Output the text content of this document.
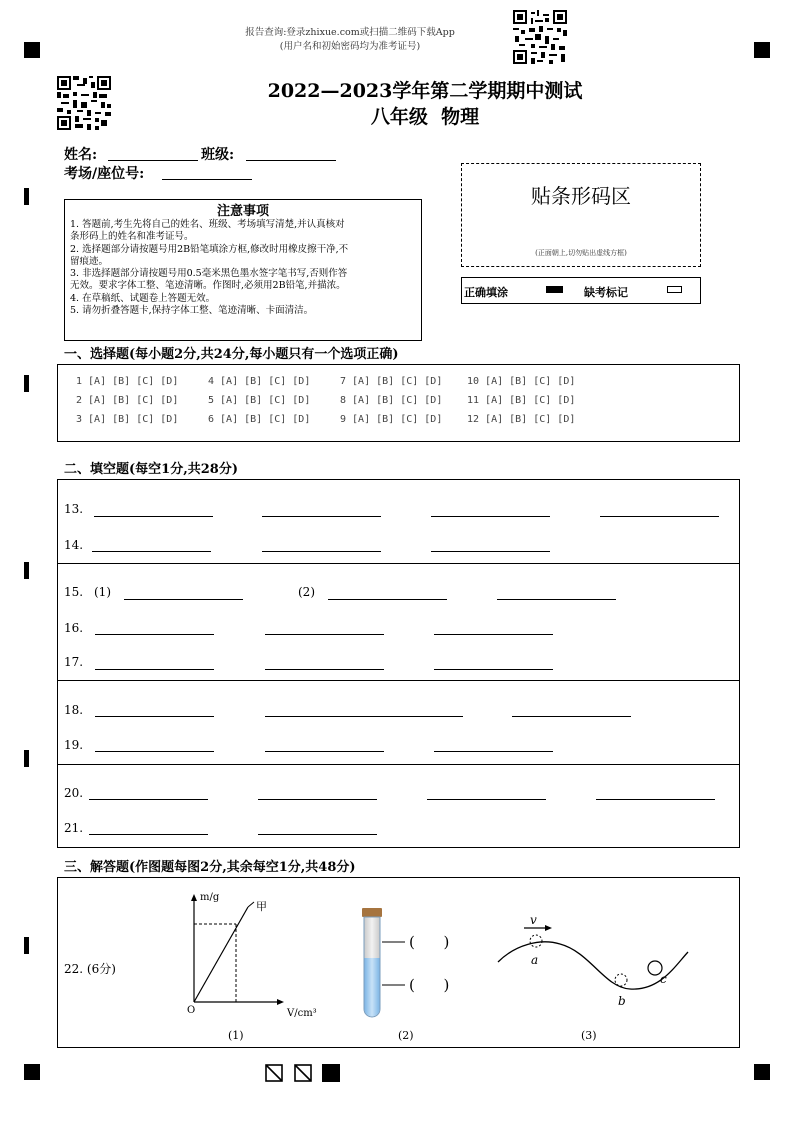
报告查询:登录zhixue.com或扫描二维码下载App
(用户名和初始密码均为准考证号)
2022—2023学年第二学期期中测试
八年级  物理
姓名:	班级:
考场/座位号:
注意事项
1. 答题前,考生先将自己的姓名、班级、考场填写清楚,并认真核对
条形码上的姓名和准考证号。
2. 选择题部分请按题号用2B铅笔填涂方框,修改时用橡皮擦干净,不
留痕迹。
3. 非选择题部分请按题号用0.5毫米黑色墨水签字笔书写,否则作答
无效。要求字体工整、笔迹清晰。作图时,必须用2B铅笔,并描浓。
4. 在草稿纸、试题卷上答题无效。
5. 请勿折叠答题卡,保持字体工整、笔迹清晰、卡面清洁。
贴条形码区
(正面朝上,切勿贴出虚线方框)
正确填涂	缺考标记
一、选择题(每小题2分,共24分,每小题只有一个选项正确)
1 [A] [B] [C] [D]	4 [A] [B] [C] [D]	7 [A] [B] [C] [D] 10 [A] [B] [C] [D]
2 [A] [B] [C] [D]	5 [A] [B] [C] [D]	8 [A] [B] [C] [D] 11 [A] [B] [C] [D]
3 [A] [B] [C] [D]	6 [A] [B] [C] [D]	9 [A] [B] [C] [D] 12 [A] [B] [C] [D]
二、填空题(每空1分,共28分)
13.
14.
15. (1)	(2)
16.
17.
18.
19.
20.
21.
三、解答题(作图题每图2分,其余每空1分,共48分)
22. (6分)
m/g
甲
O	V/cm³
(      )
(      )
v
a
b
c
(1)	(2)	(3)
